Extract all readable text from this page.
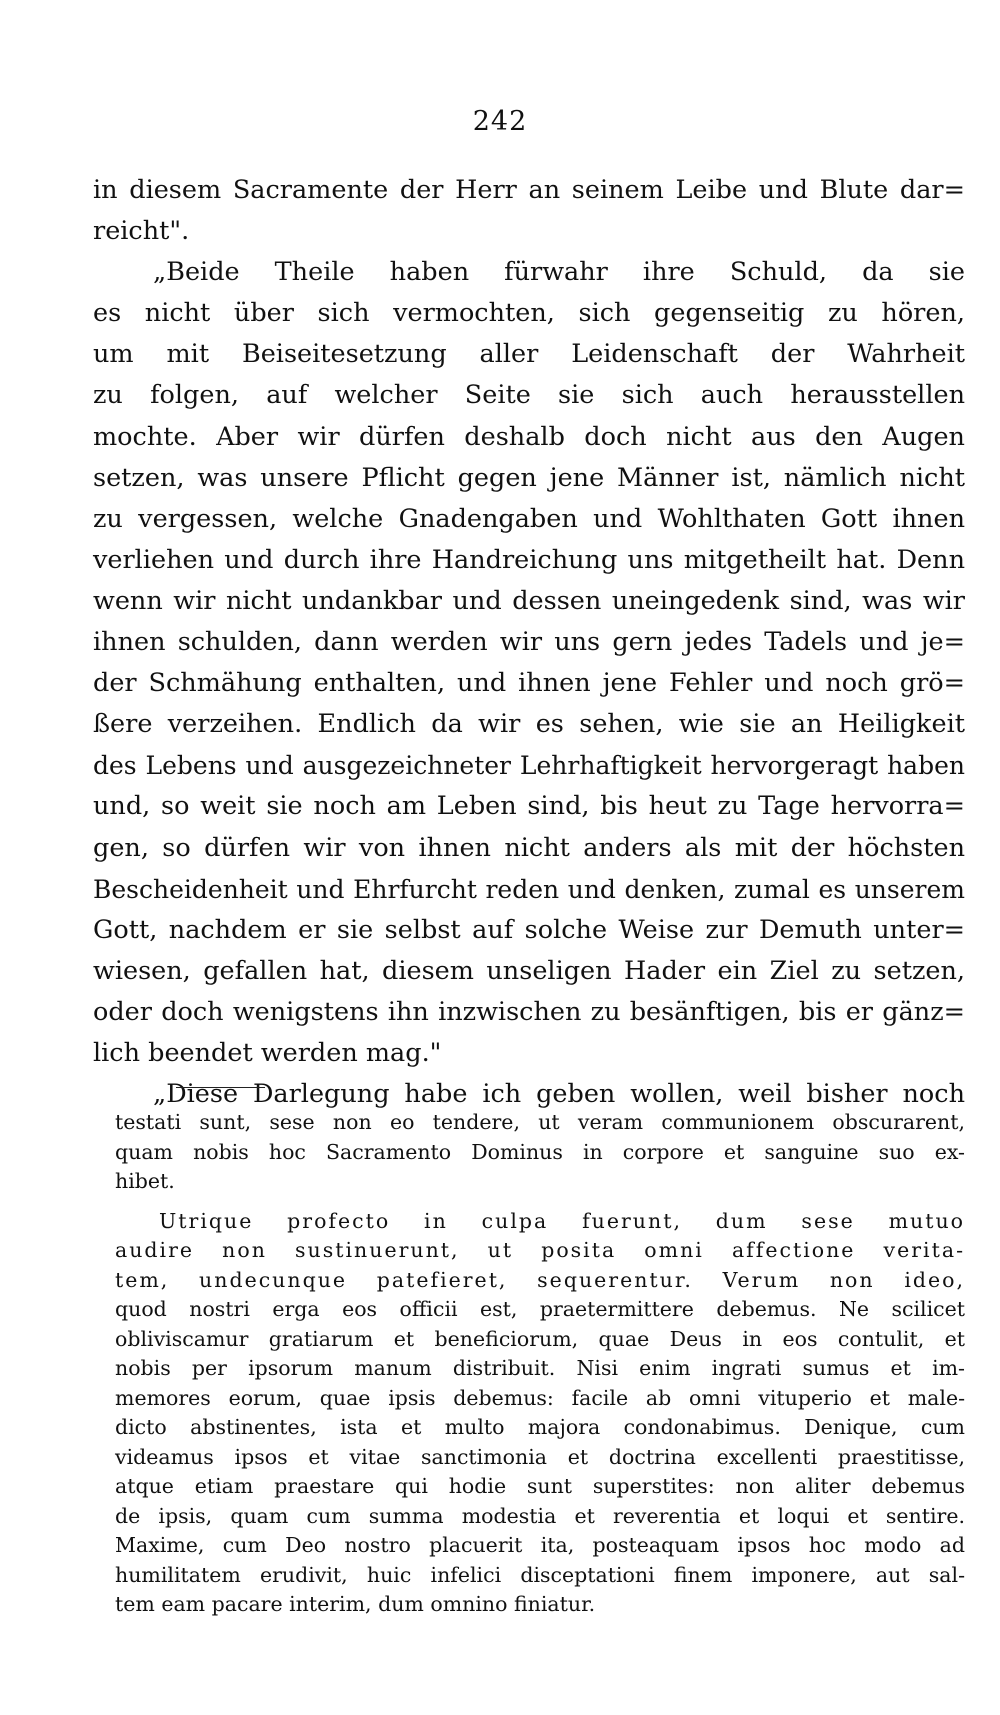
242
in diesem Sacramente der Herr an seinem Leibe und Blute dar=
reicht".
„Beide Theile haben fürwahr ihre Schuld, da sie
es nicht über sich vermochten, sich gegenseitig zu hören,
um mit Beiseitesetzung aller Leidenschaft der Wahrheit
zu folgen, auf welcher Seite sie sich auch herausstellen
mochte. Aber wir dürfen deshalb doch nicht aus den Augen
setzen, was unsere Pflicht gegen jene Männer ist, nämlich nicht
zu vergessen, welche Gnadengaben und Wohlthaten Gott ihnen
verliehen und durch ihre Handreichung uns mitgetheilt hat. Denn
wenn wir nicht undankbar und dessen uneingedenk sind, was wir
ihnen schulden, dann werden wir uns gern jedes Tadels und je=
der Schmähung enthalten, und ihnen jene Fehler und noch grö=
ßere verzeihen. Endlich da wir es sehen, wie sie an Heiligkeit
des Lebens und ausgezeichneter Lehrhaftigkeit hervorgeragt haben
und, so weit sie noch am Leben sind, bis heut zu Tage hervorra=
gen, so dürfen wir von ihnen nicht anders als mit der höchsten
Bescheidenheit und Ehrfurcht reden und denken, zumal es unserem
Gott, nachdem er sie selbst auf solche Weise zur Demuth unter=
wiesen, gefallen hat, diesem unseligen Hader ein Ziel zu setzen,
oder doch wenigstens ihn inzwischen zu besänftigen, bis er gänz=
lich beendet werden mag."
„Diese Darlegung habe ich geben wollen, weil bisher noch
testati sunt, sese non eo tendere, ut veram communionem obscurarent,
quam nobis hoc Sacramento Dominus in corpore et sanguine suo ex-
hibet.
Utrique profecto in culpa fuerunt, dum sese mutuo
audire non sustinuerunt, ut posita omni affectione verita-
tem, undecunque patefieret, sequerentur. Verum non ideo,
quod nostri erga eos officii est, praetermittere debemus. Ne scilicet
obliviscamur gratiarum et beneficiorum, quae Deus in eos contulit, et
nobis per ipsorum manum distribuit. Nisi enim ingrati sumus et im-
memores eorum, quae ipsis debemus: facile ab omni vituperio et male-
dicto abstinentes, ista et multo majora condonabimus. Denique, cum
videamus ipsos et vitae sanctimonia et doctrina excellenti praestitisse,
atque etiam praestare qui hodie sunt superstites: non aliter debemus
de ipsis, quam cum summa modestia et reverentia et loqui et sentire.
Maxime, cum Deo nostro placuerit ita, posteaquam ipsos hoc modo ad
humilitatem erudivit, huic infelici disceptationi finem imponere, aut sal-
tem eam pacare interim, dum omnino finiatur.
